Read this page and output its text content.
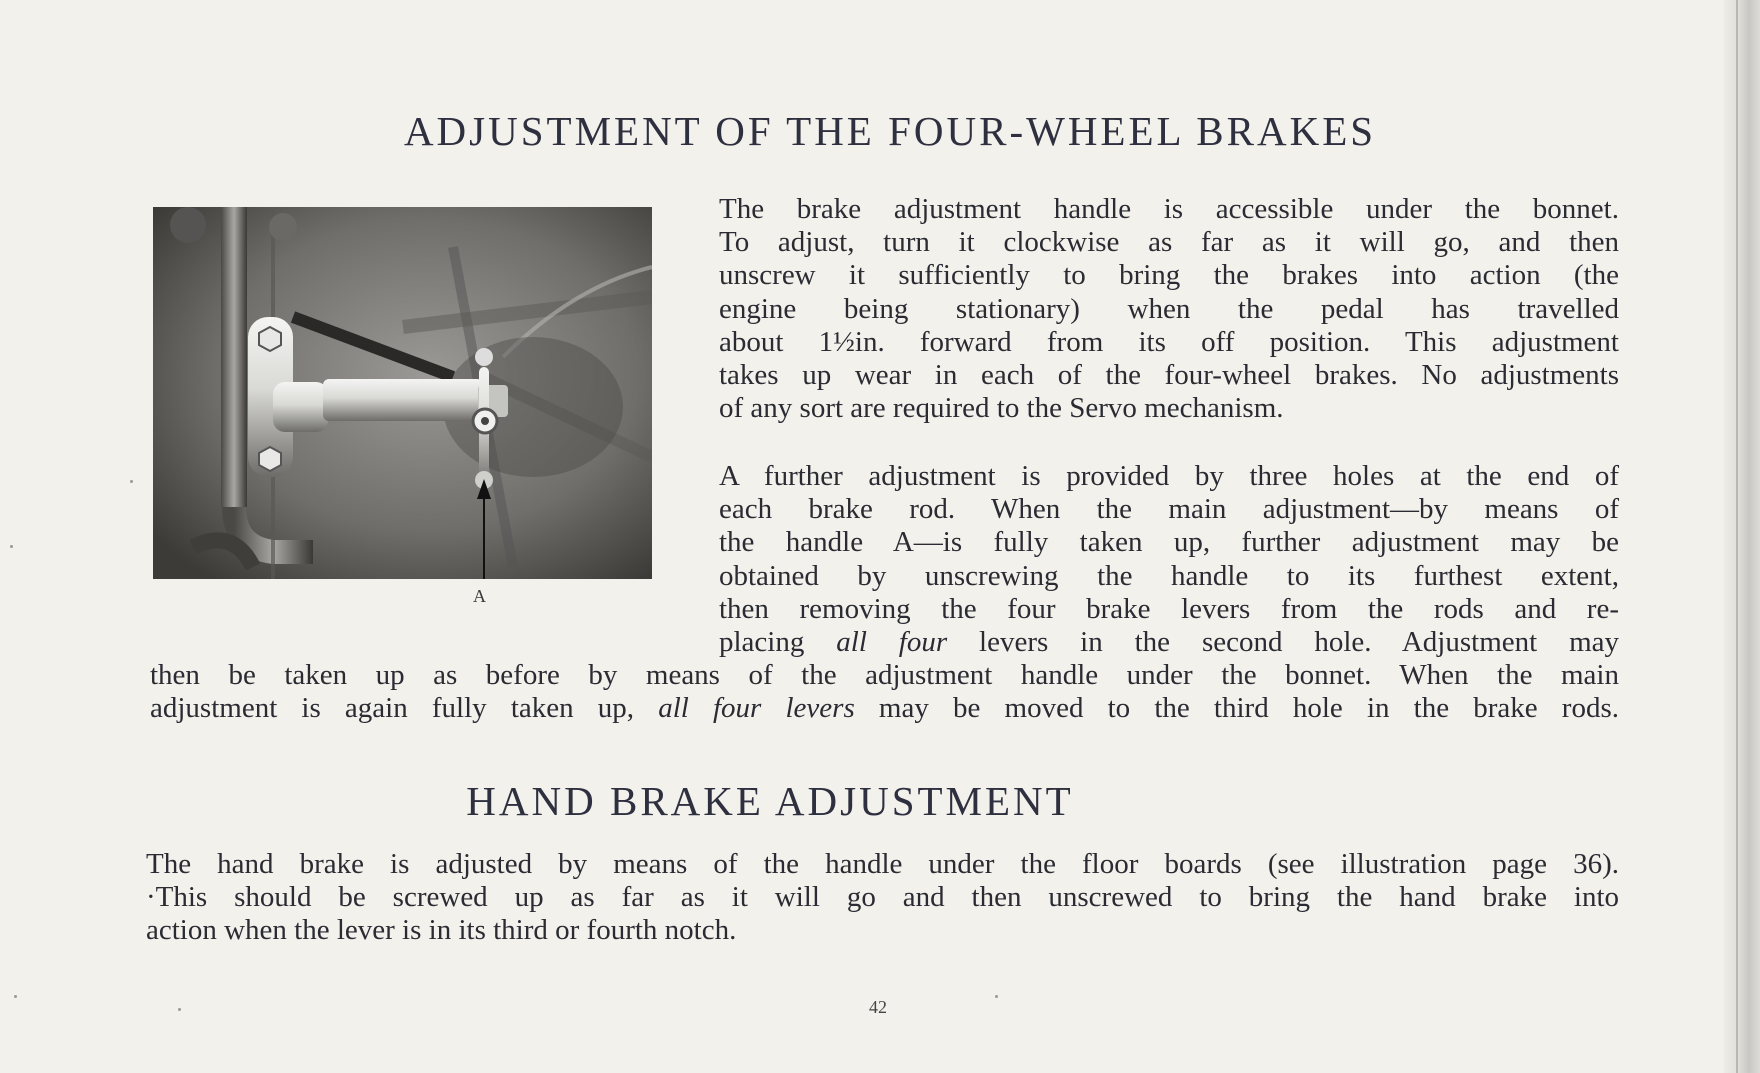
ADJUSTMENT OF THE FOUR-WHEEL BRAKES
A
The brake adjustment handle is accessible under the bonnet.
To adjust, turn it clockwise as far as it will go, and then
unscrew it sufficiently to bring the brakes into action (the
engine being stationary) when the pedal has travelled
about 1½in. forward from its off position. This adjustment
takes up wear in each of the four-wheel brakes. No adjustments
of any sort are required to the Servo mechanism.
A further adjustment is provided by three holes at the end of
each brake rod. When the main adjustment—by means of
the handle A—is fully taken up, further adjustment may be
obtained by unscrewing the handle to its furthest extent,
then removing the four brake levers from the rods and re-
placing all four levers in the second hole. Adjustment may
then be taken up as before by means of the adjustment handle under the bonnet. When the main
adjustment is again fully taken up, all four levers may be moved to the third hole in the brake rods.
HAND BRAKE ADJUSTMENT
The hand brake is adjusted by means of the handle under the floor boards (see illustration page 36).
·This should be screwed up as far as it will go and then unscrewed to bring the hand brake into
action when the lever is in its third or fourth notch.
42
